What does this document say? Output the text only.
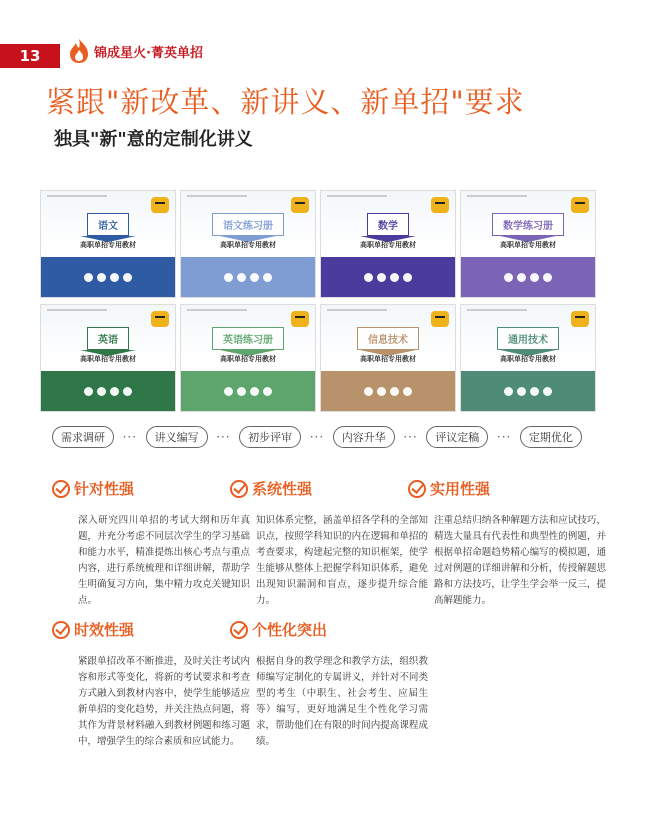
13	锦成星火·菁英单招
紧跟"新改革、新讲义、新单招"要求
独具"新"意的定制化讲义
语文
高职单招专用教材
语文练习册
高职单招专用教材
数学
高职单招专用教材
数学练习册
高职单招专用教材
英语
高职单招专用教材
英语练习册
高职单招专用教材
信息技术
高职单招专用教材
通用技术
高职单招专用教材
需求调研	···	讲义编写	···	初步评审	···	内容升华	···	评议定稿	···	定期优化
针对性强
深入研究四川单招的考试大纲和历年真题，并充分考虑不同层次学生的学习基础和能力水平，精准提炼出核心考点与重点内容，进行系统梳理和详细讲解，帮助学生明确复习方向，集中精力攻克关键知识点。
系统性强
知识体系完整，涵盖单招各学科的全部知识点，按照学科知识的内在逻辑和单招的考查要求，构建起完整的知识框架，使学生能够从整体上把握学科知识体系，避免出现知识漏洞和盲点，逐步提升综合能力。
实用性强
注重总结归纳各种解题方法和应试技巧，精选大量具有代表性和典型性的例题，并根据单招命题趋势精心编写的模拟题，通过对例题的详细讲解和分析，传授解题思路和方法技巧，让学生学会举一反三，提高解题能力。
时效性强
紧跟单招改革不断推进，及时关注考试内容和形式等变化，将新的考试要求和考查方式融入到教材内容中，使学生能够适应新单招的变化趋势，并关注热点问题，将其作为背景材料融入到教材例题和练习题中，增强学生的综合素质和应试能力。
个性化突出
根据自身的教学理念和教学方法，组织教师编写定制化的专属讲义，并针对不同类型的考生（中职生、社会考生、应届生等）编写，更好地满足生个性化学习需求，帮助他们在有限的时间内提高课程成绩。
